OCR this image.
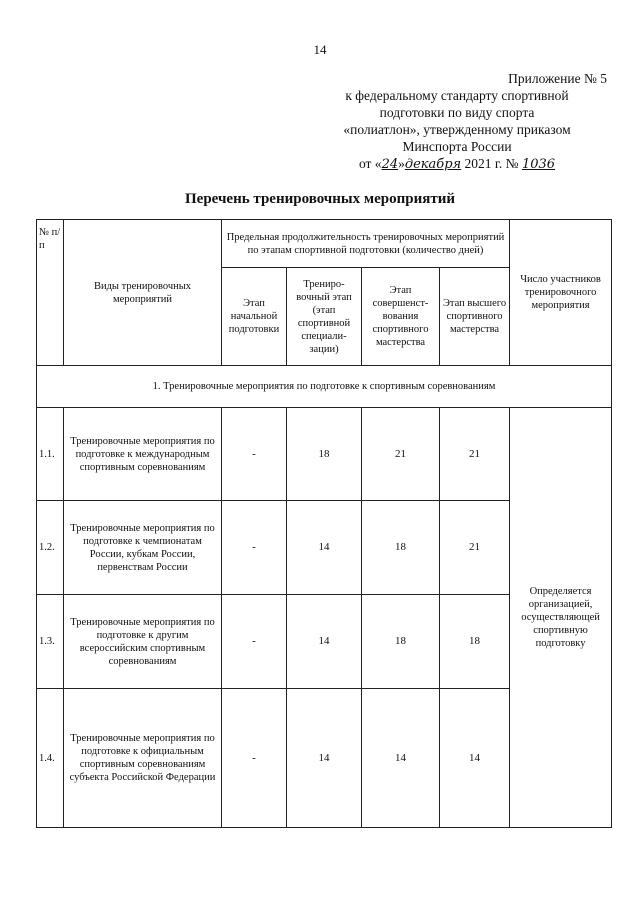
14
Приложение № 5
к федеральному стандарту спортивной
подготовки по виду спорта
«полиатлон», утвержденному приказом
Минспорта России
от «24»декабря 2021 г. № 1036
Перечень тренировочных мероприятий
№ п/п	Виды тренировочных мероприятий	Предельная продолжительность тренировочных мероприятий по этапам спортивной подготовки (количество дней)				Число участников тренировочного мероприятия
		Этап начальной подготовки	Трениро-вочный этап (этап спортивной специали-зации)	Этап совершенст-вования спортивного мастерства	Этап высшего спортивного мастерства	
1. Тренировочные мероприятия по подготовке к спортивным соревнованиям						
1.1.	Тренировочные мероприятия по подготовке к международным спортивным соревнованиям	-	18	21	21	Определяется организацией, осуществляющей спортивную подготовку
1.2.	Тренировочные мероприятия по подготовке к чемпионатам России, кубкам России, первенствам России	-	14	18	21	
1.3.	Тренировочные мероприятия по подготовке к другим всероссийским спортивным соревнованиям	-	14	18	18	
1.4.	Тренировочные мероприятия по подготовке к официальным спортивным соревнованиям субъекта Российской Федерации	-	14	14	14	
